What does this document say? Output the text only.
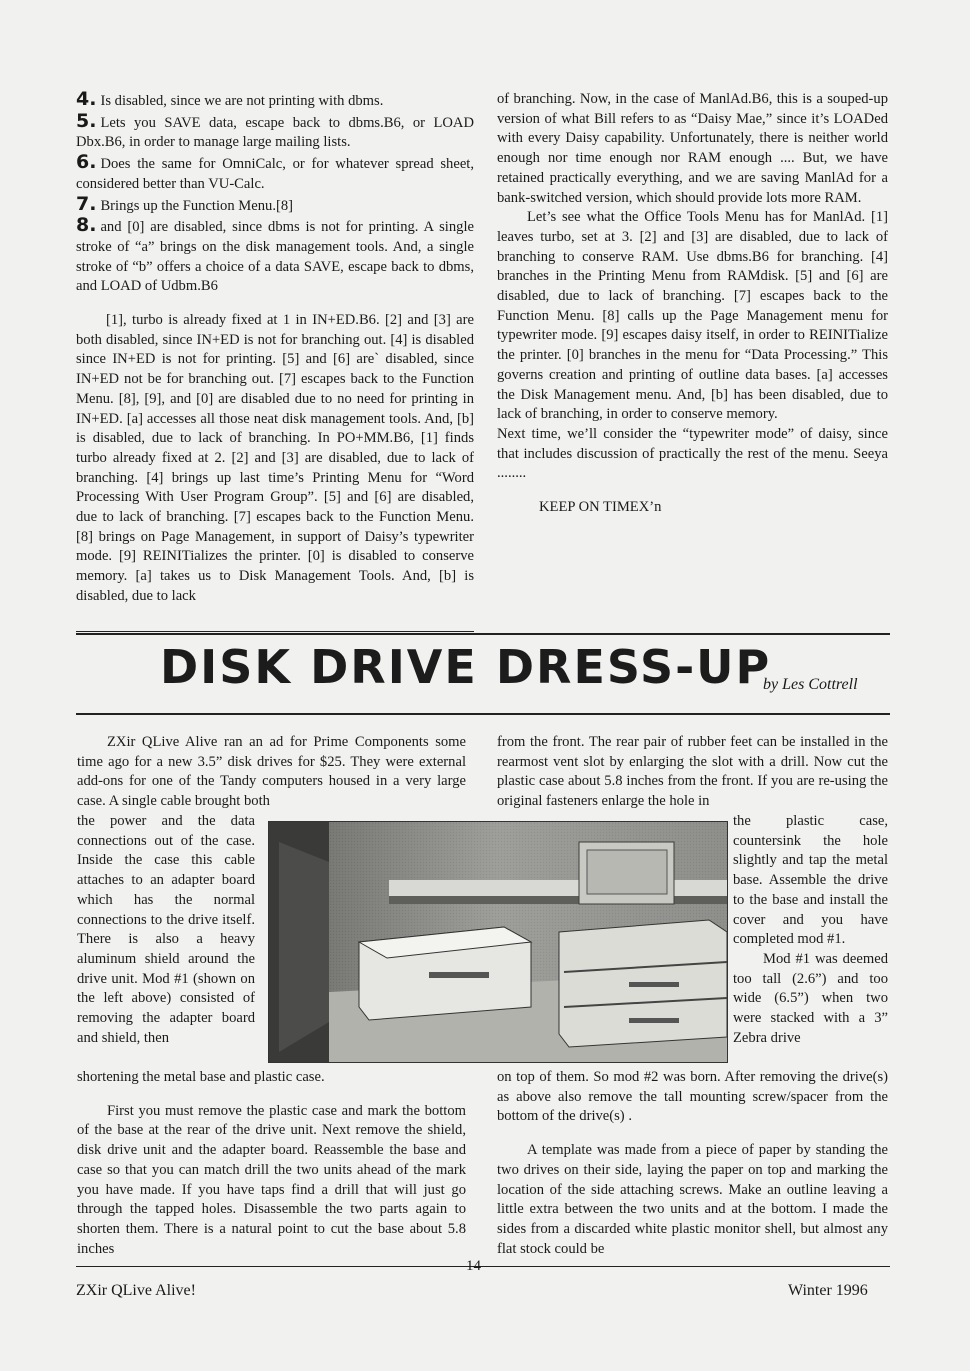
4. Is disabled, since we are not printing with dbms.

5. Lets you SAVE data, escape back to dbms.B6, or LOAD Dbx.B6, in order to manage large mailing lists.

6. Does the same for OmniCalc, or for whatever spread sheet, considered better than VU-Calc.

7. Brings up the Function Menu.[8]

8. and [0] are disabled, since dbms is not for printing. A single stroke of “a” brings on the disk management tools. And, a single stroke of “b” offers a choice of a data SAVE, escape back to dbms, and LOAD of Udbm.B6

[1], turbo is already fixed at 1 in IN+ED.B6. [2] and [3] are both disabled, since IN+ED is not for branching out. [4] is disabled since IN+ED is not for printing. [5] and [6] are` disabled, since IN+ED not be for branching out. [7] escapes back to the Function Menu. [8], [9], and [0] are disabled due to no need for printing in IN+ED. [a] accesses all those neat disk management tools. And, [b] is disabled, due to lack of branching. In PO+MM.B6, [1] finds turbo already fixed at 2. [2] and [3] are disabled, due to lack of branching. [4] brings up last time’s Printing Menu for “Word Processing With User Program Group”. [5] and [6] are disabled, due to lack of branching. [7] escapes back to the Function Menu. [8] brings on Page Management, in support of Daisy’s typewriter mode. [9] REINITializes the printer. [0] is disabled to conserve memory. [a] takes us to Disk Management Tools. And, [b] is disabled, due to lack

of branching. Now, in the case of ManlAd.B6, this is a souped-up version of what Bill refers to as “Daisy Mae,” since it’s LOADed with every Daisy capability. Unfortunately, there is neither world enough nor time enough nor RAM enough .... But, we have retained practically everything, and we are saving ManlAd for a bank-switched version, which should provide lots more RAM.

Let’s see what the Office Tools Menu has for ManlAd. [1] leaves turbo, set at 3. [2] and [3] are disabled, due to lack of branching to conserve RAM. Use dbms.B6 for branching. [4] branches in the Printing Menu from RAMdisk. [5] and [6] are disabled, due to lack of branching. [7] escapes back to the Function Menu. [8] calls up the Page Management menu for typewriter mode. [9] escapes daisy itself, in order to REINITialize the printer. [0] branches in the menu for “Data Processing.” This governs creation and printing of outline data bases. [a] accesses the Disk Management menu. And, [b] has been disabled, due to lack of branching, in order to conserve memory.

Next time, we’ll consider the “typewriter mode” of daisy, since that includes discussion of practically the rest of the menu. Seeya ........

KEEP ON TIMEX’n

DISK DRIVE DRESS-UP
by Les Cottrell

ZXir QLive Alive ran an ad for Prime Components some time ago for a new 3.5” disk drives for $25. They were external add-ons for one of the Tandy computers housed in a very large case. A single cable brought both

the power and the data connections out of the case. Inside the case this cable attaches to an adapter board which has the normal connections to the drive itself. There is also a heavy aluminum shield around the drive unit. Mod #1 (shown on the left above) consisted of removing the adapter board and shield, then
the plastic case, countersink the hole slightly and tap the metal base. Assemble the drive to the base and install the cover and you have completed mod #1.
Mod #1 was deemed too tall (2.6”) and too wide (6.5”) when two were stacked with a 3” Zebra drive

shortening the metal base and plastic case.

First you must remove the plastic case and mark the bottom of the base at the rear of the drive unit. Next remove the shield, disk drive unit and the adapter board. Reassemble the base and case so that you can match drill the two units ahead of the mark you have made. If you have taps find a drill that will just go through the tapped holes. Disassemble the two parts again to shorten them. There is a natural point to cut the base about 5.8 inches

from the front. The rear pair of rubber feet can be installed in the rearmost vent slot by enlarging the slot with a drill. Now cut the plastic case about 5.8 inches from the front. If you are re-using the original fasteners enlarge the hole in

on top of them. So mod #2 was born. After removing the drive(s) as above also remove the tall mounting screw/spacer from the bottom of the drive(s) .

A template was made from a piece of paper by standing the two drives on their side, laying the paper on top and marking the location of the side attaching screws. Make an outline leaving a little extra between the two units and at the bottom. I made the sides from a discarded white plastic monitor shell, but almost any flat stock could be

14
ZXir QLive Alive!	Winter 1996
